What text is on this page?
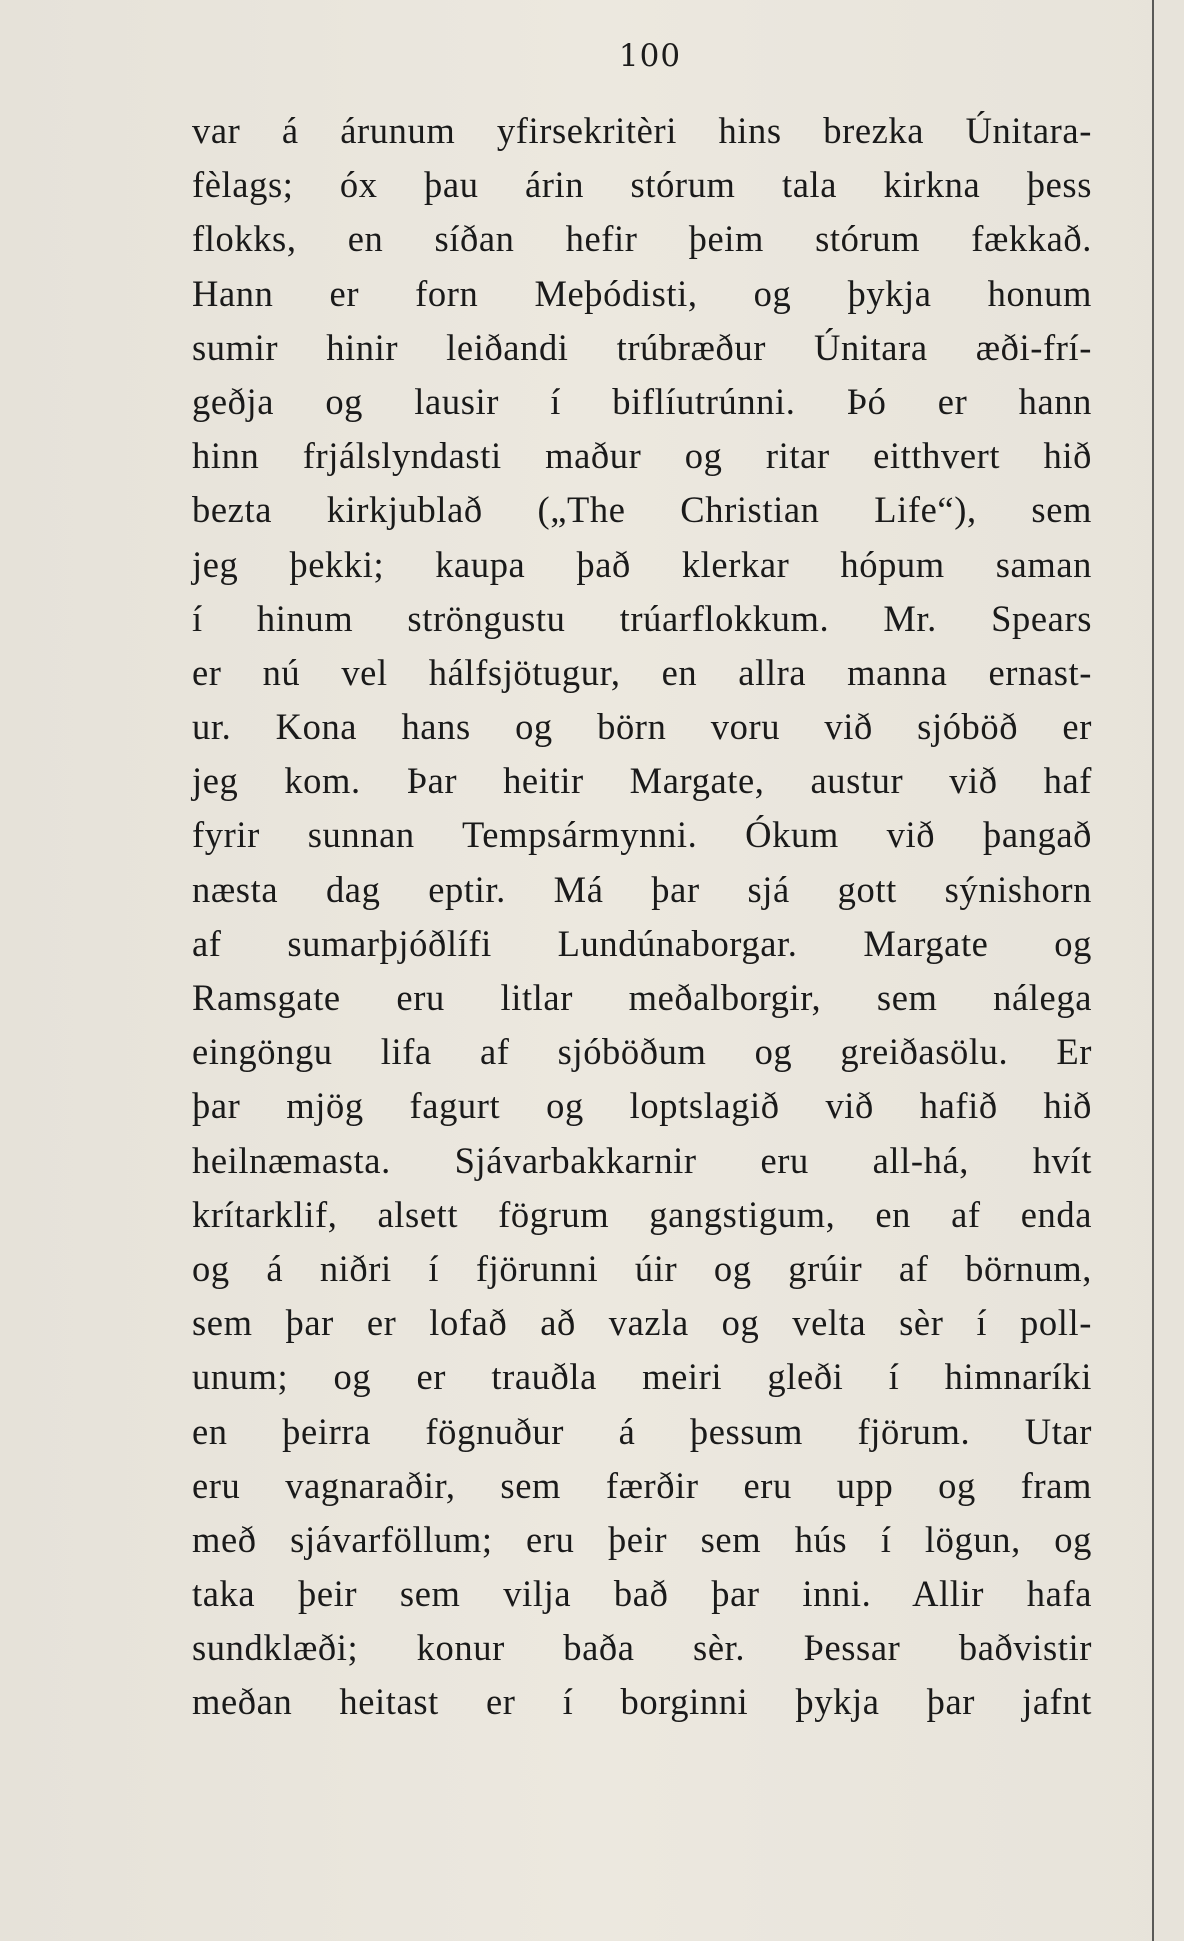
100
var á árunum yfirsekritèri hins brezka Únitara-
fèlags; óx þau árin stórum tala kirkna þess
flokks, en síðan hefir þeim stórum fækkað.
Hann er forn Meþódisti, og þykja honum
sumir hinir leiðandi trúbræður Únitara æði-frí-
geðja og lausir í biflíutrúnni. Þó er hann
hinn frjálslyndasti maður og ritar eitthvert hið
bezta kirkjublað („The Christian Life“), sem
jeg þekki; kaupa það klerkar hópum saman
í hinum ströngustu trúarflokkum. Mr. Spears
er nú vel hálfsjötugur, en allra manna ernast-
ur. Kona hans og börn voru við sjóböð er
jeg kom. Þar heitir Margate, austur við haf
fyrir sunnan Tempsármynni. Ókum við þangað
næsta dag eptir. Má þar sjá gott sýnishorn
af sumarþjóðlífi Lundúnaborgar. Margate og
Ramsgate eru litlar meðalborgir, sem nálega
eingöngu lifa af sjóböðum og greiðasölu. Er
þar mjög fagurt og loptslagið við hafið hið
heilnæmasta. Sjávarbakkarnir eru all-há, hvít
krítarklif, alsett fögrum gangstigum, en af enda
og á niðri í fjörunni úir og grúir af börnum,
sem þar er lofað að vazla og velta sèr í poll-
unum; og er trauðla meiri gleði í himnaríki
en þeirra fögnuður á þessum fjörum. Utar
eru vagnaraðir, sem færðir eru upp og fram
með sjávarföllum; eru þeir sem hús í lögun, og
taka þeir sem vilja bað þar inni. Allir hafa
sundklæði; konur baða sèr. Þessar baðvistir
meðan heitast er í borginni þykja þar jafnt
